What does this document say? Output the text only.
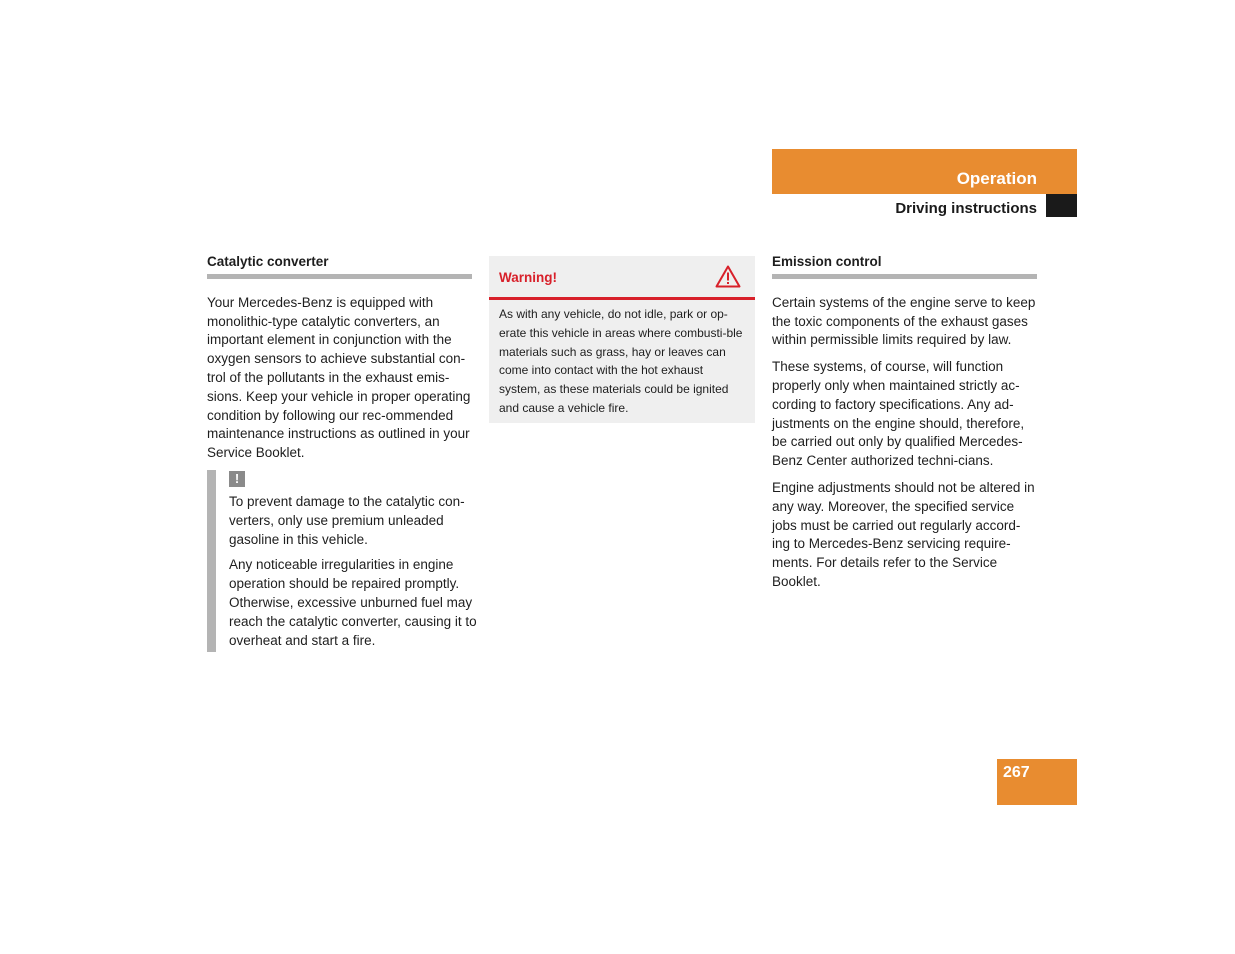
Operation
Driving instructions
Catalytic converter

Your Mercedes-Benz is equipped with monolithic-type catalytic converters, an important element in conjunction with the oxygen sensors to achieve substantial con-trol of the pollutants in the exhaust emis-sions. Keep your vehicle in proper operating condition by following our rec-ommended maintenance instructions as outlined in your Service Booklet.

!

To prevent damage to the catalytic con-verters, only use premium unleaded gasoline in this vehicle.

Any noticeable irregularities in engine operation should be repaired promptly. Otherwise, excessive unburned fuel may reach the catalytic converter, causing it to overheat and start a fire.

Warning!
As with any vehicle, do not idle, park or op-erate this vehicle in areas where combusti-ble materials such as grass, hay or leaves can come into contact with the hot exhaust system, as these materials could be ignited and cause a vehicle fire.
Emission control

Certain systems of the engine serve to keep the toxic components of the exhaust gases within permissible limits required by law.

These systems, of course, will function properly only when maintained strictly ac-cording to factory specifications. Any ad-justments on the engine should, therefore, be carried out only by qualified Mercedes-Benz Center authorized techni-cians.

Engine adjustments should not be altered in any way. Moreover, the specified service jobs must be carried out regularly accord-ing to Mercedes-Benz servicing require-ments. For details refer to the Service Booklet.

267
